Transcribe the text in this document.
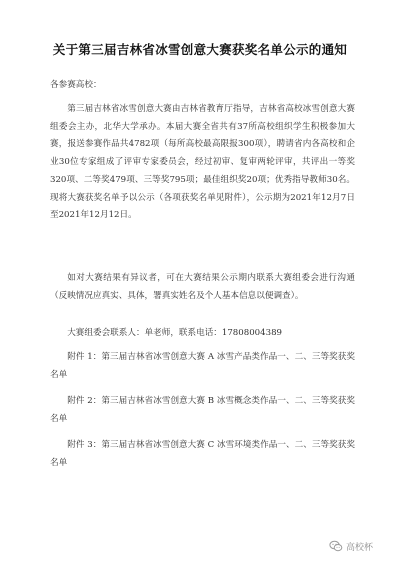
关于第三届吉林省冰雪创意大赛获奖名单公示的通知

各参赛高校：

第三届吉林省冰雪创意大赛由吉林省教育厅指导，吉林省高校冰雪创意大赛组委会主办，北华大学承办。本届大赛全省共有37所高校组织学生积极参加大赛，报送参赛作品共4782项（每所高校最高限报300项），聘请省内各高校和企业30位专家组成了评审专家委员会，经过初审、复审两轮评审，共评出一等奖320项、二等奖479项、三等奖795项；最佳组织奖20项；优秀指导教师30名。现将大赛获奖名单予以公示（各项获奖名单见附件），公示期为2021年12月7日至2021年12月12日。

如对大赛结果有异议者，可在大赛结果公示期内联系大赛组委会进行沟通（反映情况应真实、具体，署真实姓名及个人基本信息以便调查）。

大赛组委会联系人：单老师，联系电话：17808004389

附件 1：第三届吉林省冰雪创意大赛 A 冰雪产品类作品一、二、三等奖获奖名单

附件 2：第三届吉林省冰雪创意大赛 B 冰雪概念类作品一、二、三等奖获奖名单

附件 3：第三届吉林省冰雪创意大赛 C 冰雪环境类作品一、二、三等奖获奖名单

高校杯
